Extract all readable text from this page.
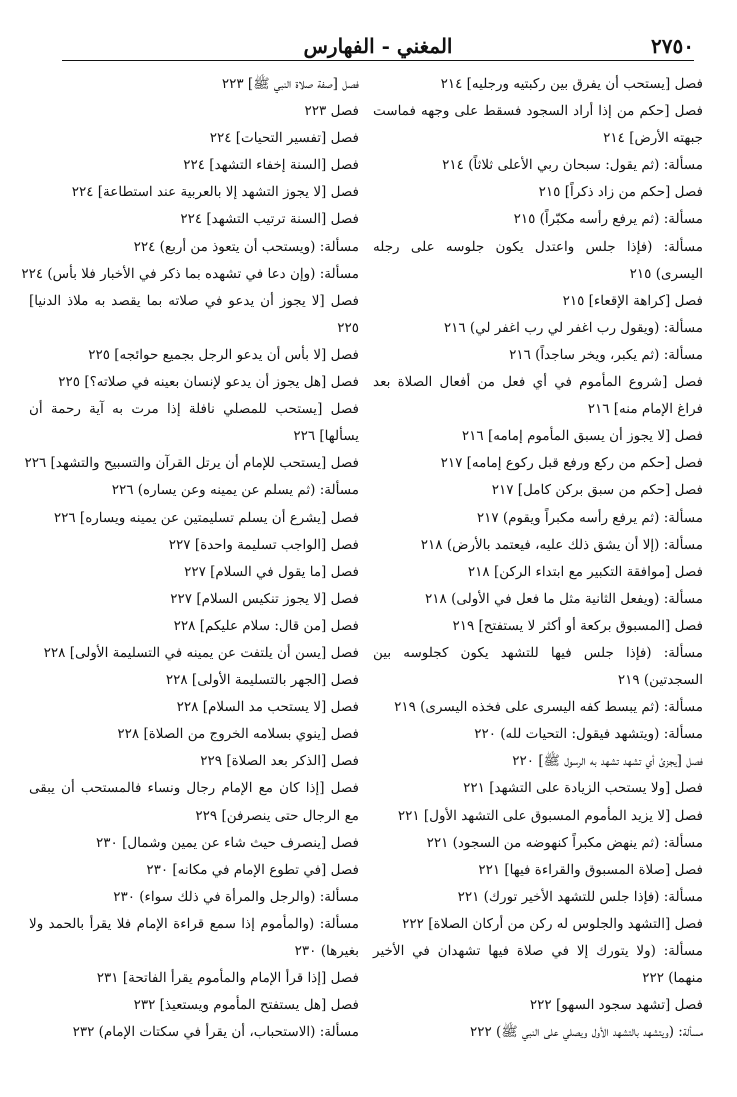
٢٧٥٠
المغني - الفهارس
فصل [يستحب أن يفرق بين ركبتيه ورجليه] ٢١٤
فصل [حكم من إذا أراد السجود فسقط على وجهه فماست جبهته الأرض] ٢١٤
مسألة: (ثم يقول: سبحان ربي الأعلى ثلاثاً) ٢١٤
فصل [حكم من زاد ذكراً] ٢١٥
مسألة: (ثم يرفع رأسه مكبّراً) ٢١٥
مسألة: (فإذا جلس واعتدل يكون جلوسه على رجله اليسرى) ٢١٥
فصل [كراهة الإقعاء] ٢١٥
مسألة: (ويقول رب اغفر لي رب اغفر لي) ٢١٦
مسألة: (ثم يكبر، ويخر ساجداً) ٢١٦
فصل [شروع المأموم في أي فعل من أفعال الصلاة بعد فراغ الإمام منه] ٢١٦
فصل [لا يجوز أن يسبق المأموم إمامه] ٢١٦
فصل [حكم من ركع ورفع قبل ركوع إمامه] ٢١٧
فصل [حكم من سبق بركن كامل] ٢١٧
مسألة: (ثم يرفع رأسه مكبراً ويقوم) ٢١٧
مسألة: (إلا أن يشق ذلك عليه، فيعتمد بالأرض) ٢١٨
فصل [موافقة التكبير مع ابتداء الركن] ٢١٨
مسألة: (ويفعل الثانية مثل ما فعل في الأولى) ٢١٨
فصل [المسبوق بركعة أو أكثر لا يستفتح] ٢١٩
مسألة: (فإذا جلس فيها للتشهد يكون كجلوسه بين السجدتين) ٢١٩
مسألة: (ثم يبسط كفه اليسرى على فخذه اليسرى) ٢١٩
مسألة: (ويتشهد فيقول: التحيات لله) ٢٢٠
فصل [يجزئ أي تشهد تشهد به الرسول ﷺ] ٢٢٠
فصل [ولا يستحب الزيادة على التشهد] ٢٢١
فصل [لا يزيد المأموم المسبوق على التشهد الأول] ٢٢١
مسألة: (ثم ينهض مكبراً كنهوضه من السجود) ٢٢١
فصل [صلاة المسبوق والقراءة فيها] ٢٢١
مسألة: (فإذا جلس للتشهد الأخير تورك) ٢٢١
فصل [التشهد والجلوس له ركن من أركان الصلاة] ٢٢٢
مسألة: (ولا يتورك إلا في صلاة فيها تشهدان في الأخير منهما) ٢٢٢
فصل [تشهد سجود السهو] ٢٢٢
مسألة: (ويتشهد بالتشهد الأول ويصلي على النبي ﷺ) ٢٢٢
فصل [صفة صلاة النبي ﷺ] ٢٢٣
فصل ٢٢٣
فصل [تفسير التحيات] ٢٢٤
فصل [السنة إخفاء التشهد] ٢٢٤
فصل [لا يجوز التشهد إلا بالعربية عند استطاعة] ٢٢٤
فصل [السنة ترتيب التشهد] ٢٢٤
مسألة: (ويستحب أن يتعوذ من أربع) ٢٢٤
مسألة: (وإن دعا في تشهده بما ذكر في الأخبار فلا بأس) ٢٢٤
فصل [لا يجوز أن يدعو في صلاته بما يقصد به ملاذ الدنيا] ٢٢٥
فصل [لا بأس أن يدعو الرجل بجميع حوائجه] ٢٢٥
فصل [هل يجوز أن يدعو لإنسان بعينه في صلاته؟] ٢٢٥
فصل [يستحب للمصلي نافلة إذا مرت به آية رحمة أن يسألها] ٢٢٦
فصل [يستحب للإمام أن يرتل القرآن والتسبيح والتشهد] ٢٢٦
مسألة: (ثم يسلم عن يمينه وعن يساره) ٢٢٦
فصل [يشرع أن يسلم تسليمتين عن يمينه ويساره] ٢٢٦
فصل [الواجب تسليمة واحدة] ٢٢٧
فصل [ما يقول في السلام] ٢٢٧
فصل [لا يجوز تنكيس السلام] ٢٢٧
فصل [من قال: سلام عليكم] ٢٢٨
فصل [يسن أن يلتفت عن يمينه في التسليمة الأولى] ٢٢٨
فصل [الجهر بالتسليمة الأولى] ٢٢٨
فصل [لا يستحب مد السلام] ٢٢٨
فصل [ينوي بسلامه الخروج من الصلاة] ٢٢٨
فصل [الذكر بعد الصلاة] ٢٢٩
فصل [إذا كان مع الإمام رجال ونساء فالمستحب أن يبقى مع الرجال حتى ينصرفن] ٢٢٩
فصل [ينصرف حيث شاء عن يمين وشمال] ٢٣٠
فصل [في تطوع الإمام في مكانه] ٢٣٠
مسألة: (والرجل والمرأة في ذلك سواء) ٢٣٠
مسألة: (والمأموم إذا سمع قراءة الإمام فلا يقرأ بالحمد ولا بغيرها) ٢٣٠
فصل [إذا قرأ الإمام والمأموم يقرأ الفاتحة] ٢٣١
فصل [هل يستفتح المأموم ويستعيذ] ٢٣٢
مسألة: (الاستحباب، أن يقرأ في سكتات الإمام) ٢٣٢
